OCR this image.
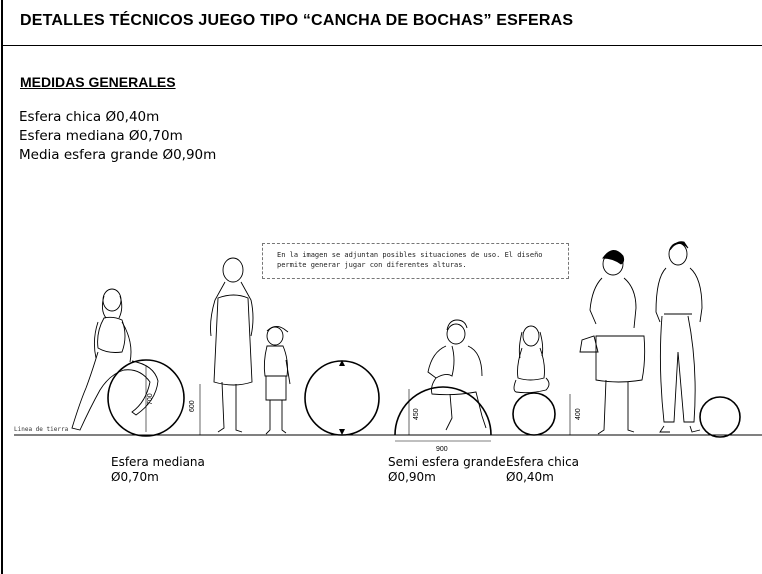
DETALLES TÉCNICOS JUEGO TIPO “CANCHA DE BOCHAS” ESFERAS
MEDIDAS GENERALES
Esfera chica Ø0,40m
Esfera mediana Ø0,70m
Media esfera grande Ø0,90m
En la imagen se adjuntan posibles situaciones de uso. El diseño
permite generar jugar con diferentes alturas.
700
600
450
900
400
Linea de tierra
Esfera mediana
Ø0,70m
Semi esfera grande
Ø0,90m
Esfera chica
Ø0,40m
